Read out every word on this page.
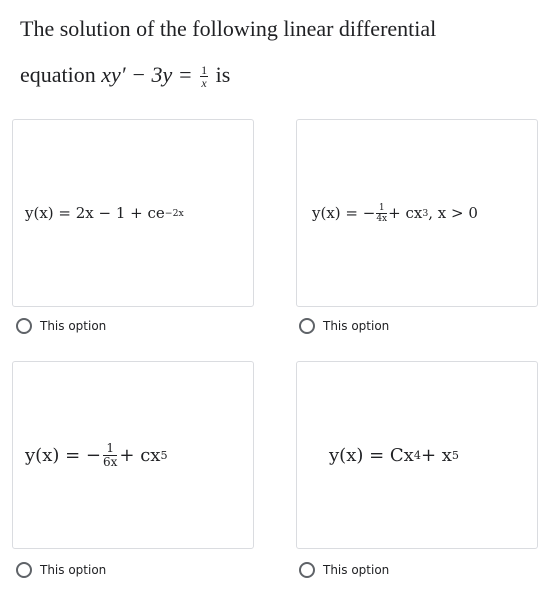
The solution of the following linear differential
equation $xy' - 3y = \frac{1}{x}$ is
y(x) = 2x − 1 + ce −2x
This option
y(x) = − $\frac{1}{4x}$ + cx 3 , x > 0
This option
y(x) = − $\frac{1}{6x}$ + cx 5
This option
y(x) = Cx 4 + x 5
This option
